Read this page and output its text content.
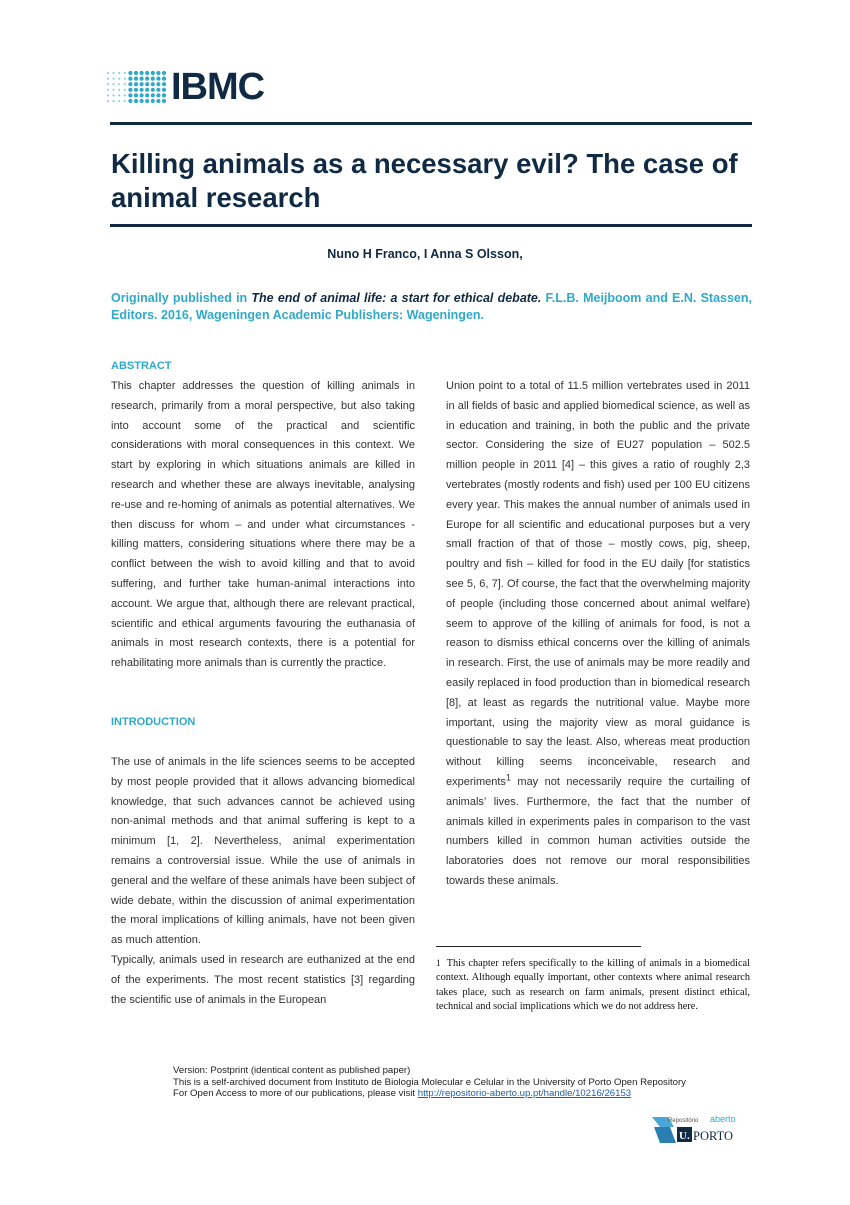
IBMC
Killing animals as a necessary evil? The case of animal research
Nuno H Franco, I Anna S Olsson,
Originally published in The end of animal life: a start for ethical debate. F.L.B. Meijboom and E.N. Stassen, Editors. 2016, Wageningen Academic Publishers: Wageningen.
ABSTRACT

This chapter addresses the question of killing animals in research, primarily from a moral perspective, but also taking into account some of the practical and scientific considerations with moral consequences in this context. We start by exploring in which situations animals are killed in research and whether these are always inevitable, analysing re-use and re-homing of animals as potential alternatives. We then discuss for whom – and under what circumstances -killing matters, considering situations where there may be a conflict between the wish to avoid killing and that to avoid suffering, and further take human-animal interactions into account. We argue that, although there are relevant practical, scientific and ethical arguments favouring the euthanasia of animals in most research contexts, there is a potential for rehabilitating more animals than is currently the practice.

INTRODUCTION

The use of animals in the life sciences seems to be accepted by most people provided that it allows advancing biomedical knowledge, that such advances cannot be achieved using non-animal methods and that animal suffering is kept to a minimum [1, 2]. Nevertheless, animal experimentation remains a controversial issue. While the use of animals in general and the welfare of these animals have been subject of wide debate, within the discussion of animal experimentation the moral implications of killing animals, have not been given as much attention.

Typically, animals used in research are euthanized at the end of the experiments. The most recent statistics [3] regarding the scientific use of animals in the European

Union point to a total of 11.5 million vertebrates used in 2011 in all fields of basic and applied biomedical science, as well as in education and training, in both the public and the private sector. Considering the size of EU27 population – 502.5 million people in 2011 [4] – this gives a ratio of roughly 2,3 vertebrates (mostly rodents and fish) used per 100 EU citizens every year. This makes the annual number of animals used in Europe for all scientific and educational purposes but a very small fraction of that of those – mostly cows, pig, sheep, poultry and fish – killed for food in the EU daily [for statistics see 5, 6, 7]. Of course, the fact that the overwhelming majority of people (including those concerned about animal welfare) seem to approve of the killing of animals for food, is not a reason to dismiss ethical concerns over the killing of animals in research. First, the use of animals may be more readily and easily replaced in food production than in biomedical research [8], at least as regards the nutritional value. Maybe more important, using the majority view as moral guidance is questionable to say the least. Also, whereas meat production without killing seems inconceivable, research and experiments$^1$ may not necessarily require the curtailing of animals’ lives. Furthermore, the fact that the number of animals killed in experiments pales in comparison to the vast numbers killed in common human activities outside the laboratories does not remove our moral responsibilities towards these animals.

1 This chapter refers specifically to the killing of animals in a biomedical context. Although equally important, other contexts where animal research takes place, such as research on farm animals, present distinct ethical, technical and social implications which we do not address here.
Version: Postprint (identical content as published paper)
This is a self-archived document from Instituto de Biologia Molecular e Celular in the University of Porto Open Repository
For Open Access to more of our publications, please visit http://repositorio-aberto.up.pt/handle/10216/26153
Repositório aberto
U. PORTO
